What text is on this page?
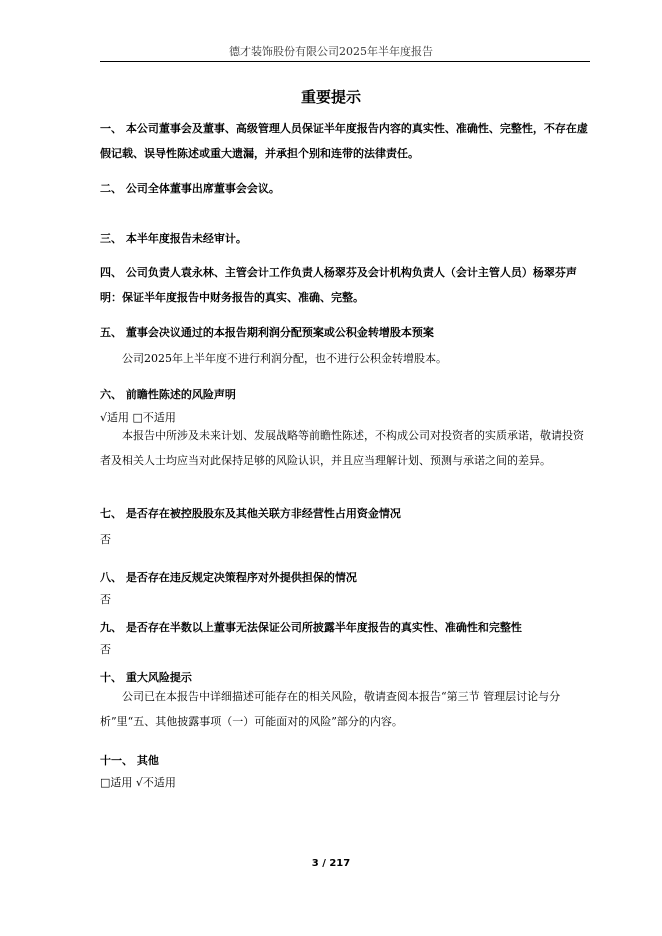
德才装饰股份有限公司2025年半年度报告
重要提示
一、 本公司董事会及董事、高级管理人员保证半年度报告内容的真实性、准确性、完整性，不存在虚假记载、误导性陈述或重大遗漏，并承担个别和连带的法律责任。
二、 公司全体董事出席董事会会议。
三、 本半年度报告未经审计。
四、 公司负责人袁永林、主管会计工作负责人杨翠芬及会计机构负责人（会计主管人员）杨翠芬声明：保证半年度报告中财务报告的真实、准确、完整。
五、 董事会决议通过的本报告期利润分配预案或公积金转增股本预案
公司2025年上半年度不进行利润分配，也不进行公积金转增股本。
六、 前瞻性陈述的风险声明
√适用 □不适用
本报告中所涉及未来计划、发展战略等前瞻性陈述，不构成公司对投资者的实质承诺，敬请投资者及相关人士均应当对此保持足够的风险认识，并且应当理解计划、预测与承诺之间的差异。
七、 是否存在被控股股东及其他关联方非经营性占用资金情况
否
八、 是否存在违反规定决策程序对外提供担保的情况
否
九、 是否存在半数以上董事无法保证公司所披露半年度报告的真实性、准确性和完整性
否
十、 重大风险提示
公司已在本报告中详细描述可能存在的相关风险，敬请查阅本报告“第三节 管理层讨论与分析”里“五、其他披露事项（一）可能面对的风险”部分的内容。
十一、 其他
□适用 √不适用
3 / 217
